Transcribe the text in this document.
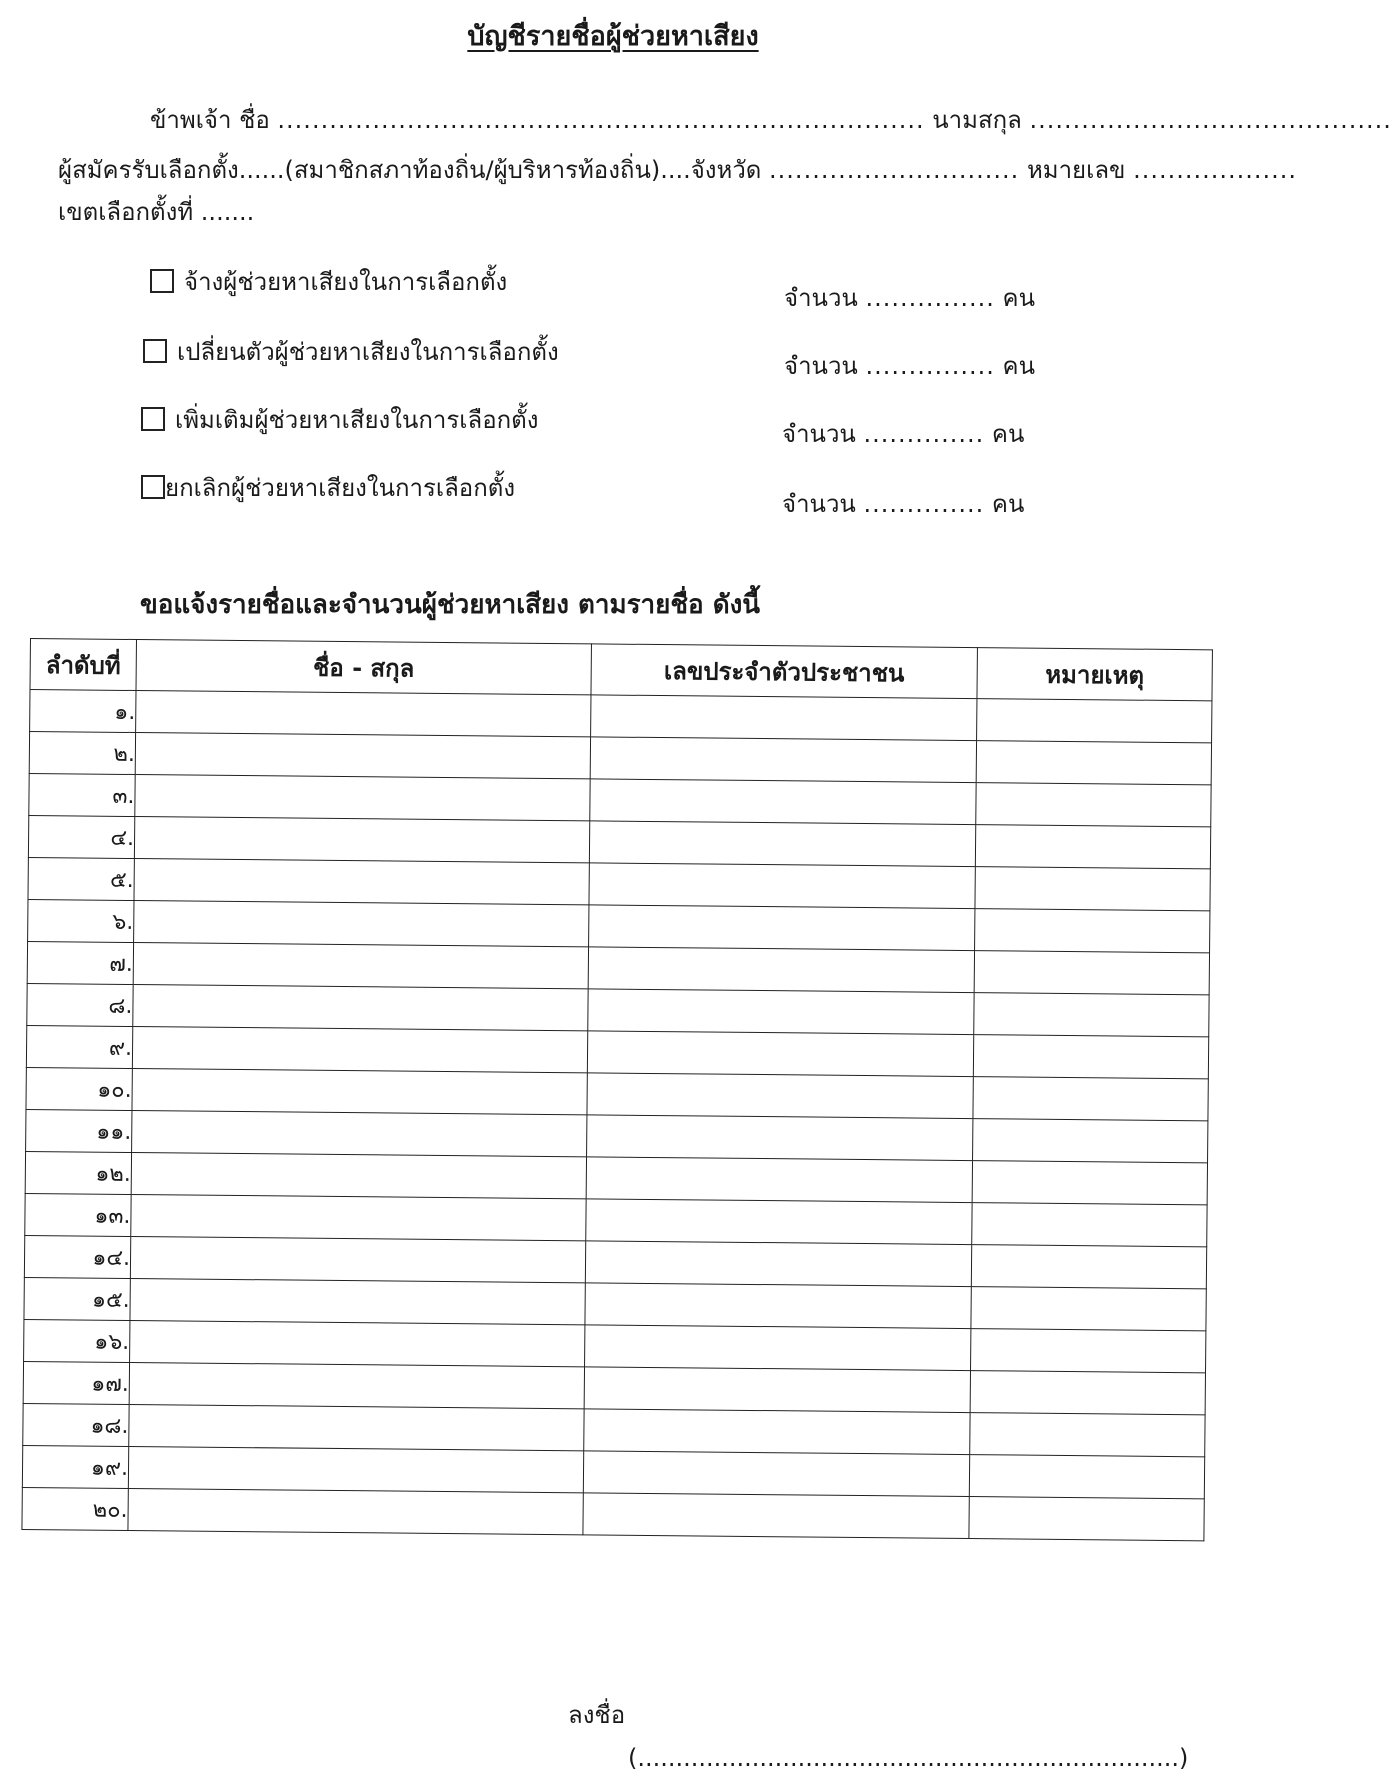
บัญชีรายชื่อผู้ช่วยหาเสียง
ข้าพเจ้า ชื่อ ........................................................................... นามสกุล ..........................................
ผู้สมัครรับเลือกตั้ง......(สมาชิกสภาท้องถิ่น/ผู้บริหารท้องถิ่น)....จังหวัด ............................. หมายเลข ...................
เขตเลือกตั้งที่ .......
จ้างผู้ช่วยหาเสียงในการเลือกตั้ง
จำนวน ............... คน
เปลี่ยนตัวผู้ช่วยหาเสียงในการเลือกตั้ง	จำนวน ............... คน
เพิ่มเติมผู้ช่วยหาเสียงในการเลือกตั้ง	จำนวน .............. คน
ยกเลิกผู้ช่วยหาเสียงในการเลือกตั้ง
จำนวน .............. คน
ขอแจ้งรายชื่อและจำนวนผู้ช่วยหาเสียง ตามรายชื่อ ดังนี้
ลำดับที่	ชื่อ - สกุล	เลขประจำตัวประชาชน	หมายเหตุ
๑.			
๒.			
๓.			
๔.			
๕.			
๖.			
๗.			
๘.			
๙.			
๑๐.			
๑๑.			
๑๒.			
๑๓.			
๑๔.			
๑๕.			
๑๖.			
๑๗.			
๑๘.			
๑๙.			
๒๐.			
ลงชื่อ
(.......................................................................)
